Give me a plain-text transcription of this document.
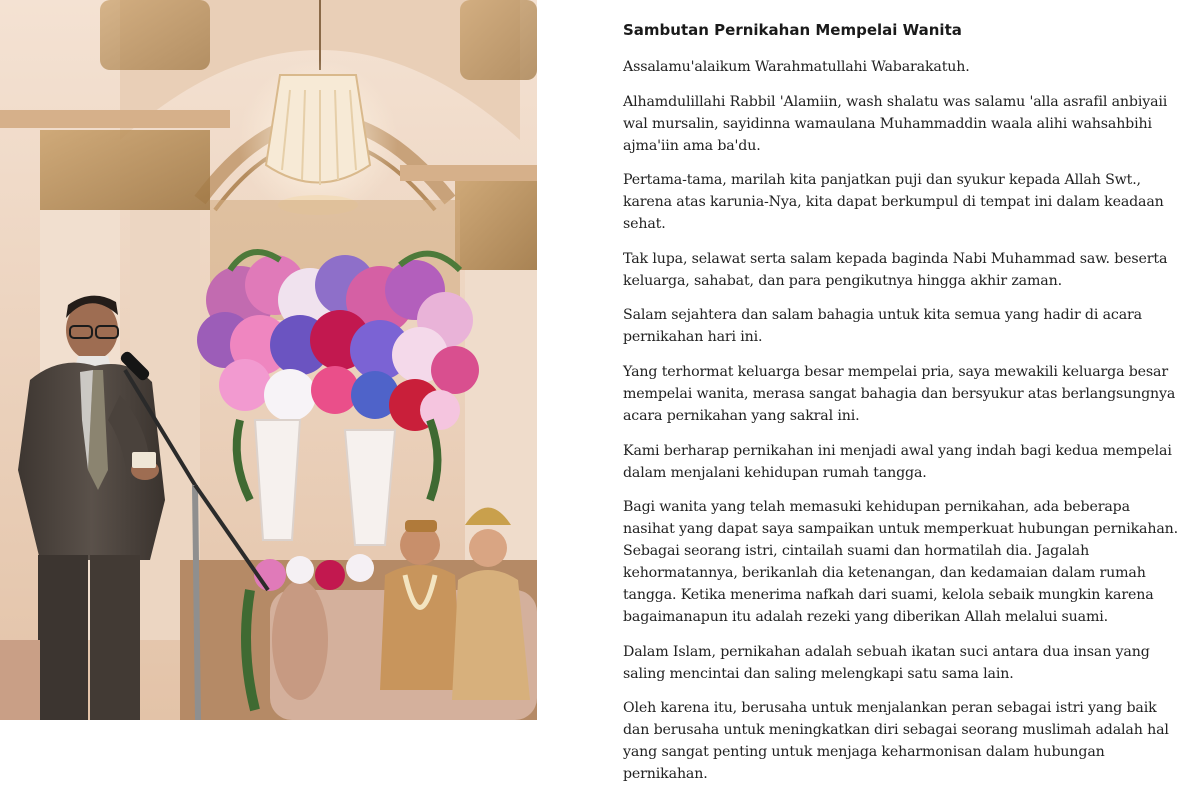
Sambutan Pernikahan Mempelai Wanita

Assalamu'alaikum Warahmatullahi Wabarakatuh.

Alhamdulillahi Rabbil 'Alamiin, wash shalatu was salamu 'alla asrafil anbiyaii wal mursalin, sayidinna wamaulana Muhammaddin waala alihi wahsahbihi ajma'iin ama ba'du.

Pertama-tama, marilah kita panjatkan puji dan syukur kepada Allah Swt., karena atas karunia-Nya, kita dapat berkumpul di tempat ini dalam keadaan sehat.

Tak lupa, selawat serta salam kepada baginda Nabi Muhammad saw. beserta keluarga, sahabat, dan para pengikutnya hingga akhir zaman.

Salam sejahtera dan salam bahagia untuk kita semua yang hadir di acara pernikahan hari ini.

Yang terhormat keluarga besar mempelai pria, saya mewakili keluarga besar mempelai wanita, merasa sangat bahagia dan bersyukur atas berlangsungnya acara pernikahan yang sakral ini.

Kami berharap pernikahan ini menjadi awal yang indah bagi kedua mempelai dalam menjalani kehidupan rumah tangga.

Bagi wanita yang telah memasuki kehidupan pernikahan, ada beberapa nasihat yang dapat saya sampaikan untuk memperkuat hubungan pernikahan. Sebagai seorang istri, cintailah suami dan hormatilah dia. Jagalah kehormatannya, berikanlah dia ketenangan, dan kedamaian dalam rumah tangga. Ketika menerima nafkah dari suami, kelola sebaik mungkin karena bagaimanapun itu adalah rezeki yang diberikan Allah melalui suami.

Dalam Islam, pernikahan adalah sebuah ikatan suci antara dua insan yang saling mencintai dan saling melengkapi satu sama lain.

Oleh karena itu, berusaha untuk menjalankan peran sebagai istri yang baik dan berusaha untuk meningkatkan diri sebagai seorang muslimah adalah hal yang sangat penting untuk menjaga keharmonisan dalam hubungan pernikahan.
